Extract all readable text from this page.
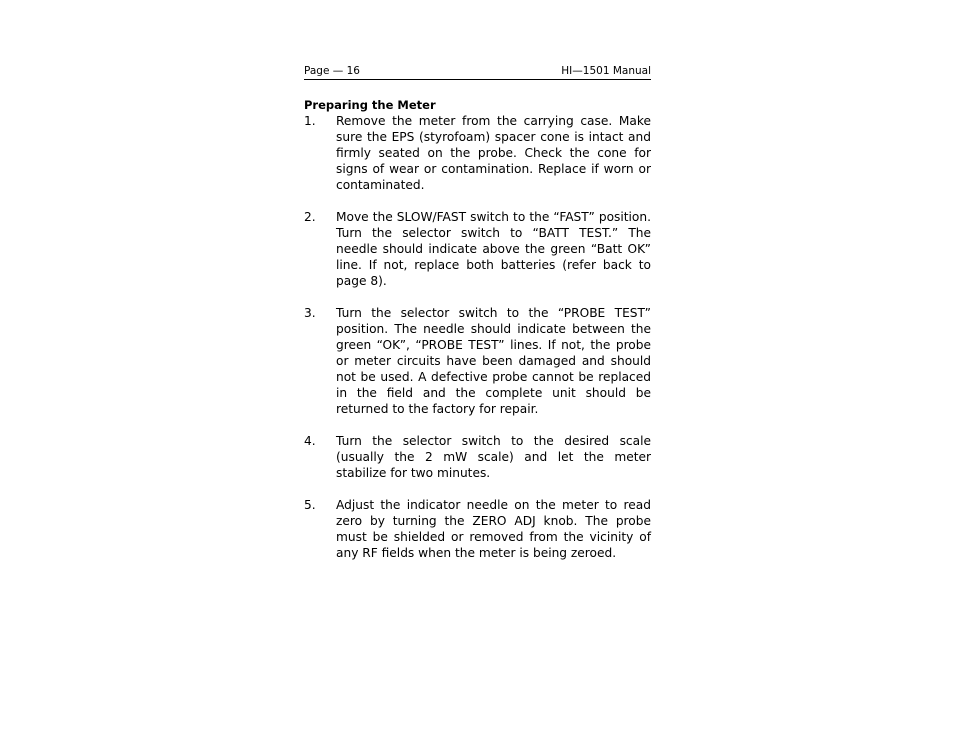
Page — 16	HI—1501 Manual
Preparing the Meter
1.	Remove the meter from the carrying case. Make sure the EPS (styrofoam) spacer cone is intact and firmly seated on the probe. Check the cone for signs of wear or contamination. Replace if worn or contaminated.
2.	Move the SLOW/FAST switch to the “FAST” position. Turn the selector switch to “BATT TEST.” The needle should indicate above the green “Batt OK” line. If not, replace both batteries (refer back to page 8).
3.	Turn the selector switch to the “PROBE TEST” position. The needle should indicate between the green “OK”, “PROBE TEST” lines. If not, the probe or meter circuits have been damaged and should not be used. A defective probe cannot be replaced in the field and the complete unit should be returned to the factory for repair.
4.	Turn the selector switch to the desired scale (usually the 2 mW scale) and let the meter stabilize for two minutes.
5.	Adjust the indicator needle on the meter to read zero by turning the ZERO ADJ knob. The probe must be shielded or removed from the vicinity of any RF fields when the meter is being zeroed.
